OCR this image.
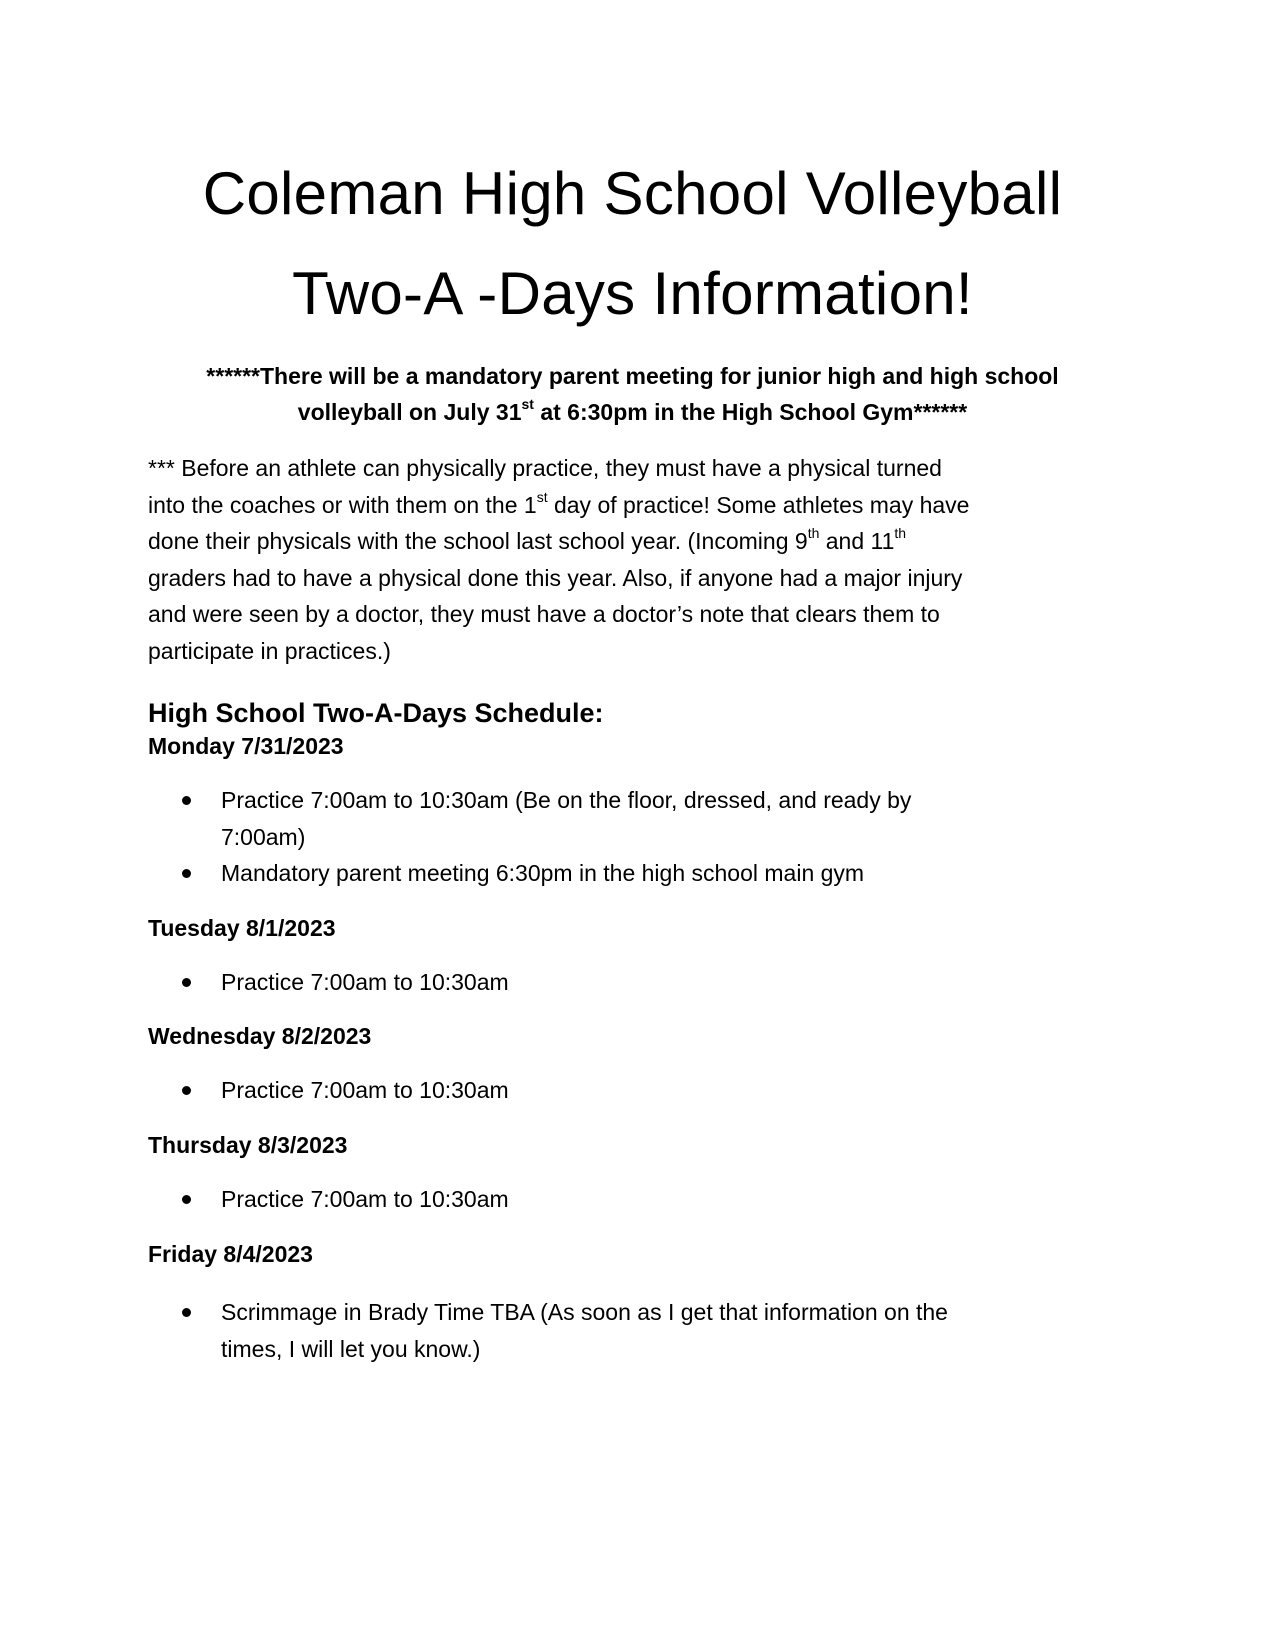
Coleman High School Volleyball
Two-A -Days Information!

******There will be a mandatory parent meeting for junior high and high school
volleyball on July 31st at 6:30pm in the High School Gym******

*** Before an athlete can physically practice, they must have a physical turned
into the coaches or with them on the 1st day of practice! Some athletes may have
done their physicals with the school last school year. (Incoming 9th and 11th
graders had to have a physical done this year. Also, if anyone had a major injury
and were seen by a doctor, they must have a doctor’s note that clears them to
participate in practices.)

High School Two-A-Days Schedule:
Monday 7/31/2023
Practice 7:00am to 10:30am (Be on the floor, dressed, and ready by
7:00am)
Mandatory parent meeting 6:30pm in the high school main gym
Tuesday 8/1/2023
Practice 7:00am to 10:30am
Wednesday 8/2/2023
Practice 7:00am to 10:30am
Thursday 8/3/2023
Practice 7:00am to 10:30am
Friday 8/4/2023
Scrimmage in Brady Time TBA (As soon as I get that information on the
times, I will let you know.)
